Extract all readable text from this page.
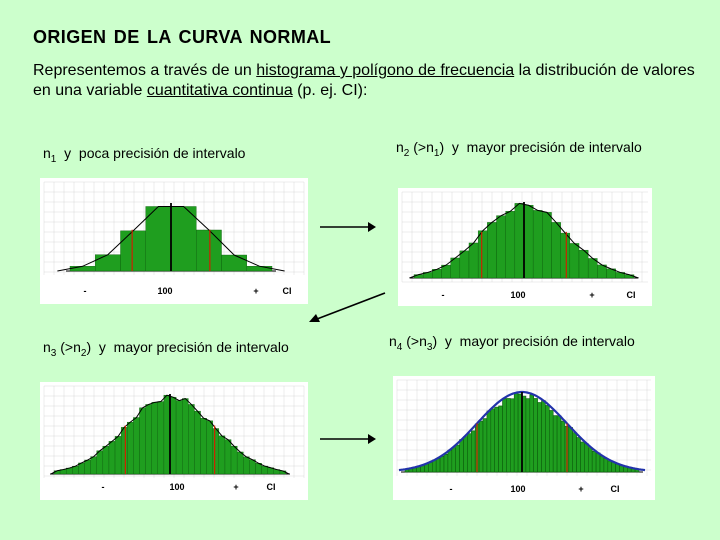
ORIGEN DE LA CURVA NORMAL
Representemos a través de un histograma y polígono de frecuencia la distribución de valores en una variable cuantitativa continua (p. ej. CI):
$n_1$  y  poca precisión de intervalo	$n_2$ $(>n_1)$  y  mayor precisión de intervalo
$n_3$ $(>n_2)$  y  mayor precisión de intervalo	$n_4$ $(>n_3)$  y  mayor precisión de intervalo
-	100	+	CI	-	100	+	CI
-	100	+	CI	-	100	+	CI
